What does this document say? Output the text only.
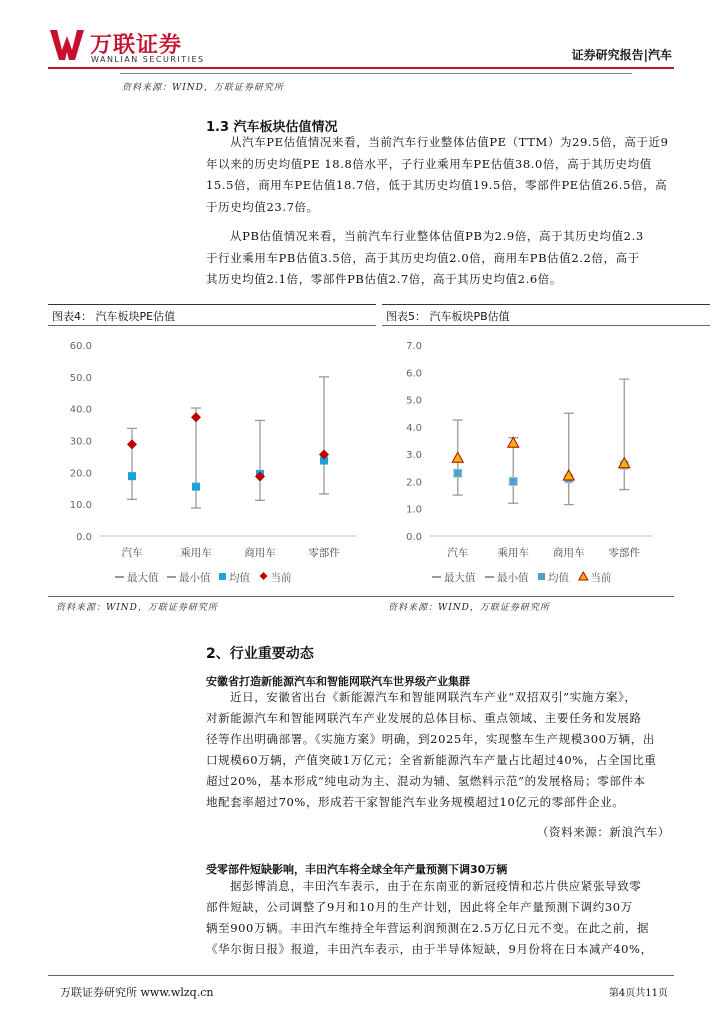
万联证券
WANLIAN SECURITIES	证券研究报告|汽车
资料来源：WIND，万联证券研究所
1.3 汽车板块估值情况
从汽车PE估值情况来看，当前汽车行业整体估值PE（TTM）为29.5倍，高于近9
年以来的历史均值PE 18.8倍水平，子行业乘用车PE估值38.0倍，高于其历史均值
15.5倍，商用车PE估值18.7倍，低于其历史均值19.5倍，零部件PE估值26.5倍，高
于历史均值23.7倍。
从PB估值情况来看，当前汽车行业整体估值PB为2.9倍，高于其历史均值2.3
于行业乘用车PB估值3.5倍，高于其历史均值2.0倍，商用车PB估值2.2倍，高于
其历史均值2.1倍，零部件PB估值2.7倍，高于其历史均值2.6倍。
图表4： 汽车板块PE估值
0.0
10.0
20.0
30.0
40.0
50.0
60.0
汽车	乘用车	商用车	零部件
最大值 最小值 均值 当前
图表5： 汽车板块PB估值
0.0
1.0
2.0
3.0
4.0
5.0
6.0
7.0
汽车	乘用车 商用车 零部件
最大值 最小值 均值 当前
资料来源：WIND，万联证券研究所	资料来源：WIND，万联证券研究所
2、行业重要动态
安徽省打造新能源汽车和智能网联汽车世界级产业集群
近日，安徽省出台《新能源汽车和智能网联汽车产业“双招双引”实施方案》，
对新能源汽车和智能网联汽车产业发展的总体目标、重点领域、主要任务和发展路
径等作出明确部署。《实施方案》明确，到2025年，实现整车生产规模300万辆，出
口规模60万辆，产值突破1万亿元；全省新能源汽车产量占比超过40%，占全国比重
超过20%，基本形成“纯电动为主、混动为辅、氢燃料示范”的发展格局；零部件本
地配套率超过70%，形成若干家智能汽车业务规模超过10亿元的零部件企业。
（资料来源：新浪汽车）
受零部件短缺影响，丰田汽车将全球全年产量预测下调30万辆
据彭博消息，丰田汽车表示，由于在东南亚的新冠疫情和芯片供应紧张导致零
部件短缺，公司调整了9月和10月的生产计划，因此将全年产量预测下调约30万
辆至900万辆。丰田汽车维持全年营运利润预测在2.5万亿日元不变。在此之前，据
《华尔街日报》报道，丰田汽车表示，由于半导体短缺，9月份将在日本减产40%，
万联证券研究所 www.wlzq.cn	第4页共11页
